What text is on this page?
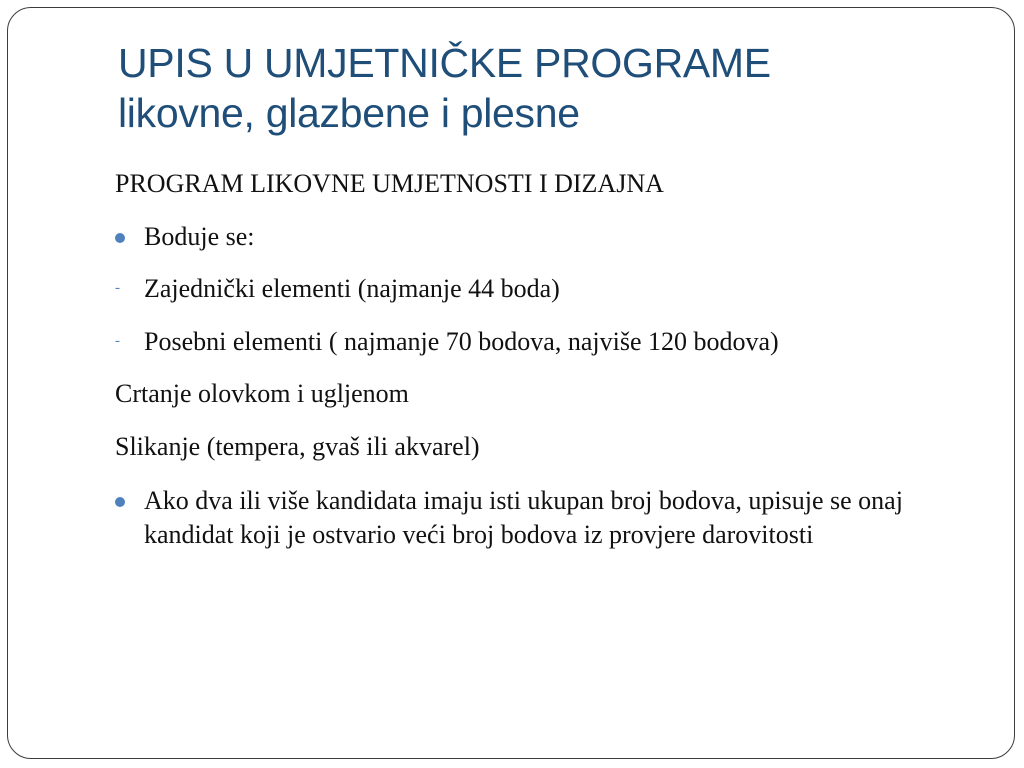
UPIS U UMJETNIČKE PROGRAME
likovne, glazbene i plesne
PROGRAM LIKOVNE UMJETNOSTI I DIZAJNA
Boduje se:
- Zajednički elementi (najmanje 44 boda)
- Posebni elementi ( najmanje 70 bodova, najviše 120 bodova)
Crtanje olovkom i ugljenom
Slikanje (tempera, gvaš ili akvarel)
Ako dva ili više kandidata imaju isti ukupan broj bodova, upisuje se onaj kandidat koji je ostvario veći broj bodova iz provjere darovitosti
